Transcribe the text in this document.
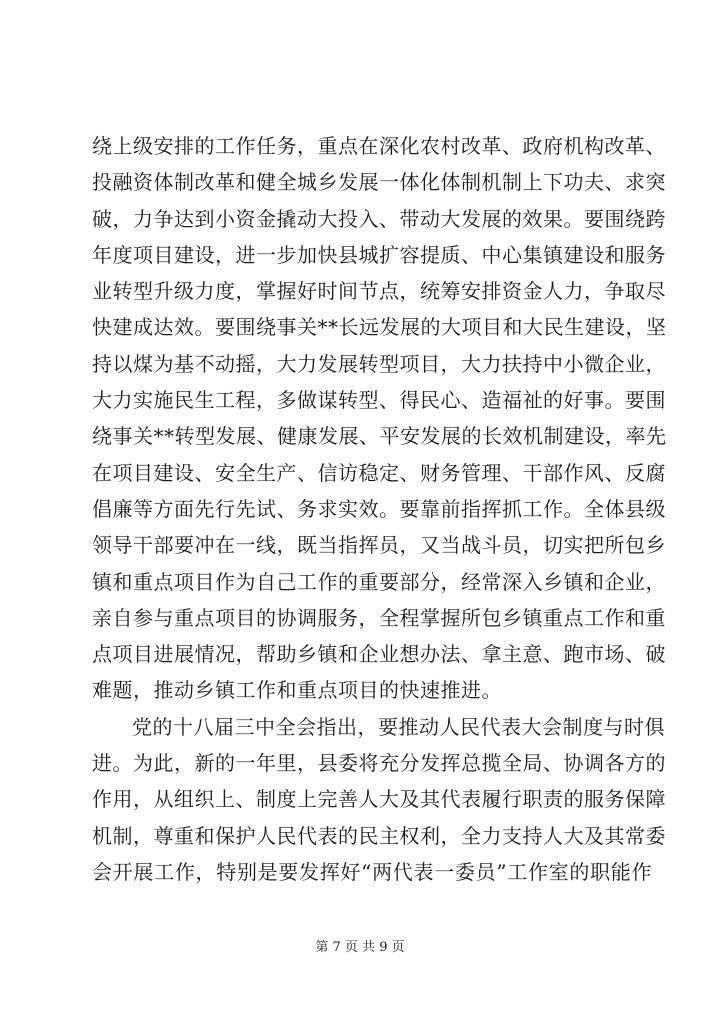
绕上级安排的工作任务，重点在深化农村改革、政府机构改革、
投融资体制改革和健全城乡发展一体化体制机制上下功夫、求突
破，力争达到小资金撬动大投入、带动大发展的效果。要围绕跨
年度项目建设，进一步加快县城扩容提质、中心集镇建设和服务
业转型升级力度，掌握好时间节点，统筹安排资金人力，争取尽
快建成达效。要围绕事关**长远发展的大项目和大民生建设，坚
持以煤为基不动摇，大力发展转型项目，大力扶持中小微企业，
大力实施民生工程，多做谋转型、得民心、造福祉的好事。要围
绕事关**转型发展、健康发展、平安发展的长效机制建设，率先
在项目建设、安全生产、信访稳定、财务管理、干部作风、反腐
倡廉等方面先行先试、务求实效。要靠前指挥抓工作。全体县级
领导干部要冲在一线，既当指挥员，又当战斗员，切实把所包乡
镇和重点项目作为自己工作的重要部分，经常深入乡镇和企业，
亲自参与重点项目的协调服务，全程掌握所包乡镇重点工作和重
点项目进展情况，帮助乡镇和企业想办法、拿主意、跑市场、破
难题，推动乡镇工作和重点项目的快速推进。
党的十八届三中全会指出，要推动人民代表大会制度与时俱
进。为此，新的一年里，县委将充分发挥总揽全局、协调各方的
作用，从组织上、制度上完善人大及其代表履行职责的服务保障
机制，尊重和保护人民代表的民主权利，全力支持人大及其常委
会开展工作，特别是要发挥好“两代表一委员”工作室的职能作
第 7 页 共 9 页
